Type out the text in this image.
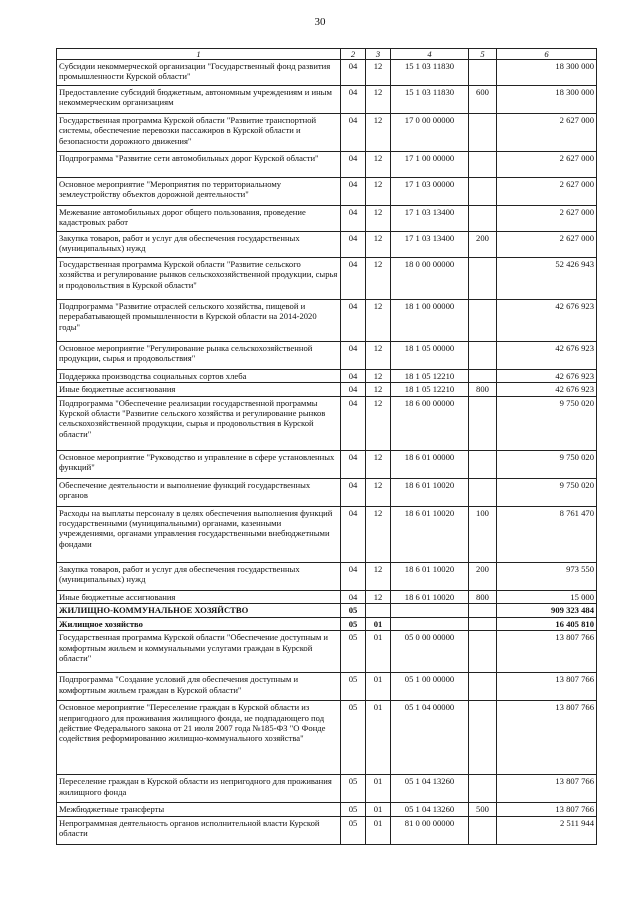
30
1	2	3	4	5	6
Субсидии некоммерческой организации "Государственный фонд развития промышленности Курской области"	04	12	15 1 03 11830		18 300 000
Предоставление субсидий бюджетным, автономным учреждениям и иным некоммерческим организациям	04	12	15 1 03 11830	600	18 300 000
Государственная программа Курской области "Развитие транспортной системы, обеспечение перевозки пассажиров в Курской области и безопасности дорожного движения"	04	12	17 0 00 00000		2 627 000
Подпрограмма "Развитие сети автомобильных дорог Курской области"	04	12	17 1 00 00000		2 627 000
Основное мероприятие "Мероприятия по территориальному землеустройству объектов дорожной деятельности"	04	12	17 1 03 00000		2 627 000
Межевание автомобильных дорог общего пользования, проведение кадастровых работ	04	12	17 1 03 13400		2 627 000
Закупка товаров, работ и услуг для обеспечения государственных (муниципальных) нужд	04	12	17 1 03 13400	200	2 627 000
Государственная программа Курской области "Развитие сельского хозяйства и регулирование рынков сельскохозяйственной продукции, сырья и продовольствия в Курской области"	04	12	18 0 00 00000		52 426 943
Подпрограмма "Развитие отраслей сельского хозяйства, пищевой и перерабатывающей промышленности в Курской области на 2014-2020 годы"	04	12	18 1 00 00000		42 676 923
Основное мероприятие "Регулирование рынка сельскохозяйственной продукции, сырья и продовольствия"	04	12	18 1 05 00000		42 676 923
Поддержка производства социальных сортов хлеба	04	12	18 1 05 12210		42 676 923
Иные бюджетные ассигнования	04	12	18 1 05 12210	800	42 676 923
Подпрограмма "Обеспечение реализации государственной программы Курской области "Развитие сельского хозяйства и регулирование рынков сельскохозяйственной продукции, сырья и продовольствия в Курской области"	04	12	18 6 00 00000		9 750 020
Основное мероприятие "Руководство и управление в сфере установленных функций"	04	12	18 6 01 00000		9 750 020
Обеспечение деятельности и выполнение функций государственных органов	04	12	18 6 01 10020		9 750 020
Расходы на выплаты персоналу в целях обеспечения выполнения функций государственными (муниципальными) органами, казенными учреждениями, органами управления государственными внебюджетными фондами	04	12	18 6 01 10020	100	8 761 470
Закупка товаров, работ и услуг для обеспечения государственных (муниципальных) нужд	04	12	18 6 01 10020	200	973 550
Иные бюджетные ассигнования	04	12	18 6 01 10020	800	15 000
ЖИЛИЩНО-КОММУНАЛЬНОЕ ХОЗЯЙСТВО	05				909 323 484
Жилищное хозяйство	05	01			16 405 810
Государственная программа Курской области "Обеспечение доступным и комфортным жильем и коммунальными услугами граждан в Курской области"	05	01	05 0 00 00000		13 807 766
Подпрограмма "Создание условий для обеспечения доступным и комфортным жильем граждан в Курской области"	05	01	05 1 00 00000		13 807 766
Основное мероприятие "Переселение граждан в Курской области из непригодного для проживания жилищного фонда, не подпадающего под действие Федерального закона от 21 июля 2007 года №185-ФЗ "О Фонде содействия реформированию жилищно-коммунального хозяйства"	05	01	05 1 04 00000		13 807 766
Переселение граждан в Курской области из непригодного для проживания жилищного фонда	05	01	05 1 04 13260		13 807 766
Межбюджетные трансферты	05	01	05 1 04 13260	500	13 807 766
Непрограммная деятельность органов исполнительной власти Курской области	05	01	81 0 00 00000		2 511 944
